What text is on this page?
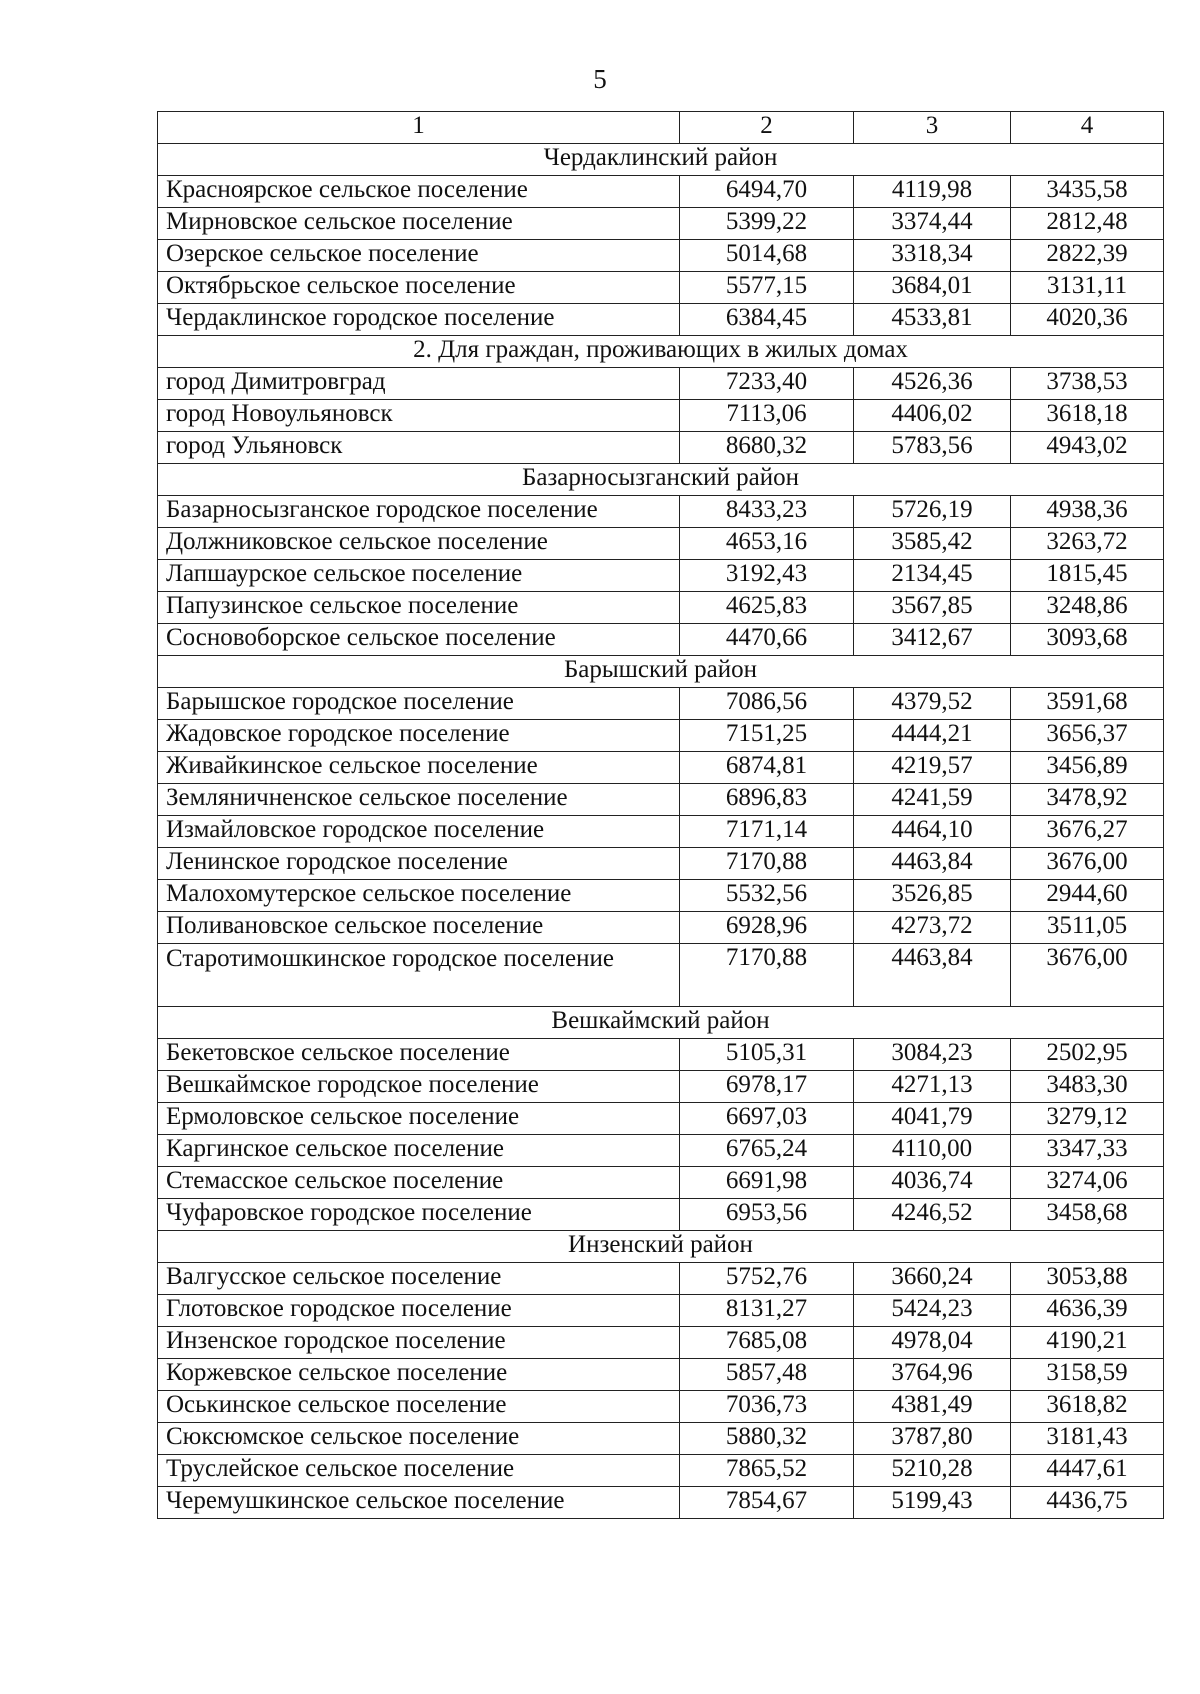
5
1	2	3	4
Чердаклинский район			
Красноярское сельское поселение	6494,70	4119,98	3435,58
Мирновское сельское поселение	5399,22	3374,44	2812,48
Озерское сельское поселение	5014,68	3318,34	2822,39
Октябрьское сельское поселение	5577,15	3684,01	3131,11
Чердаклинское городское поселение	6384,45	4533,81	4020,36
2. Для граждан, проживающих в жилых домах			
город Димитровград	7233,40	4526,36	3738,53
город Новоульяновск	7113,06	4406,02	3618,18
город Ульяновск	8680,32	5783,56	4943,02
Базарносызганский район			
Базарносызганское городское поселение	8433,23	5726,19	4938,36
Должниковское сельское поселение	4653,16	3585,42	3263,72
Лапшаурское сельское поселение	3192,43	2134,45	1815,45
Папузинское сельское поселение	4625,83	3567,85	3248,86
Сосновоборское сельское поселение	4470,66	3412,67	3093,68
Барышский район			
Барышское городское поселение	7086,56	4379,52	3591,68
Жадовское городское поселение	7151,25	4444,21	3656,37
Живайкинское сельское поселение	6874,81	4219,57	3456,89
Земляничненское сельское поселение	6896,83	4241,59	3478,92
Измайловское городское поселение	7171,14	4464,10	3676,27
Ленинское городское поселение	7170,88	4463,84	3676,00
Малохомутерское сельское поселение	5532,56	3526,85	2944,60
Поливановское сельское поселение	6928,96	4273,72	3511,05
Старотимошкинское городское поселение	7170,88	4463,84	3676,00
Вешкаймский район			
Бекетовское сельское поселение	5105,31	3084,23	2502,95
Вешкаймское городское поселение	6978,17	4271,13	3483,30
Ермоловское сельское поселение	6697,03	4041,79	3279,12
Каргинское сельское поселение	6765,24	4110,00	3347,33
Стемасское сельское поселение	6691,98	4036,74	3274,06
Чуфаровское городское поселение	6953,56	4246,52	3458,68
Инзенский район			
Валгусское сельское поселение	5752,76	3660,24	3053,88
Глотовское городское поселение	8131,27	5424,23	4636,39
Инзенское городское поселение	7685,08	4978,04	4190,21
Коржевское сельское поселение	5857,48	3764,96	3158,59
Оськинское сельское поселение	7036,73	4381,49	3618,82
Сюксюмское сельское поселение	5880,32	3787,80	3181,43
Труслейское сельское поселение	7865,52	5210,28	4447,61
Черемушкинское сельское поселение	7854,67	5199,43	4436,75
